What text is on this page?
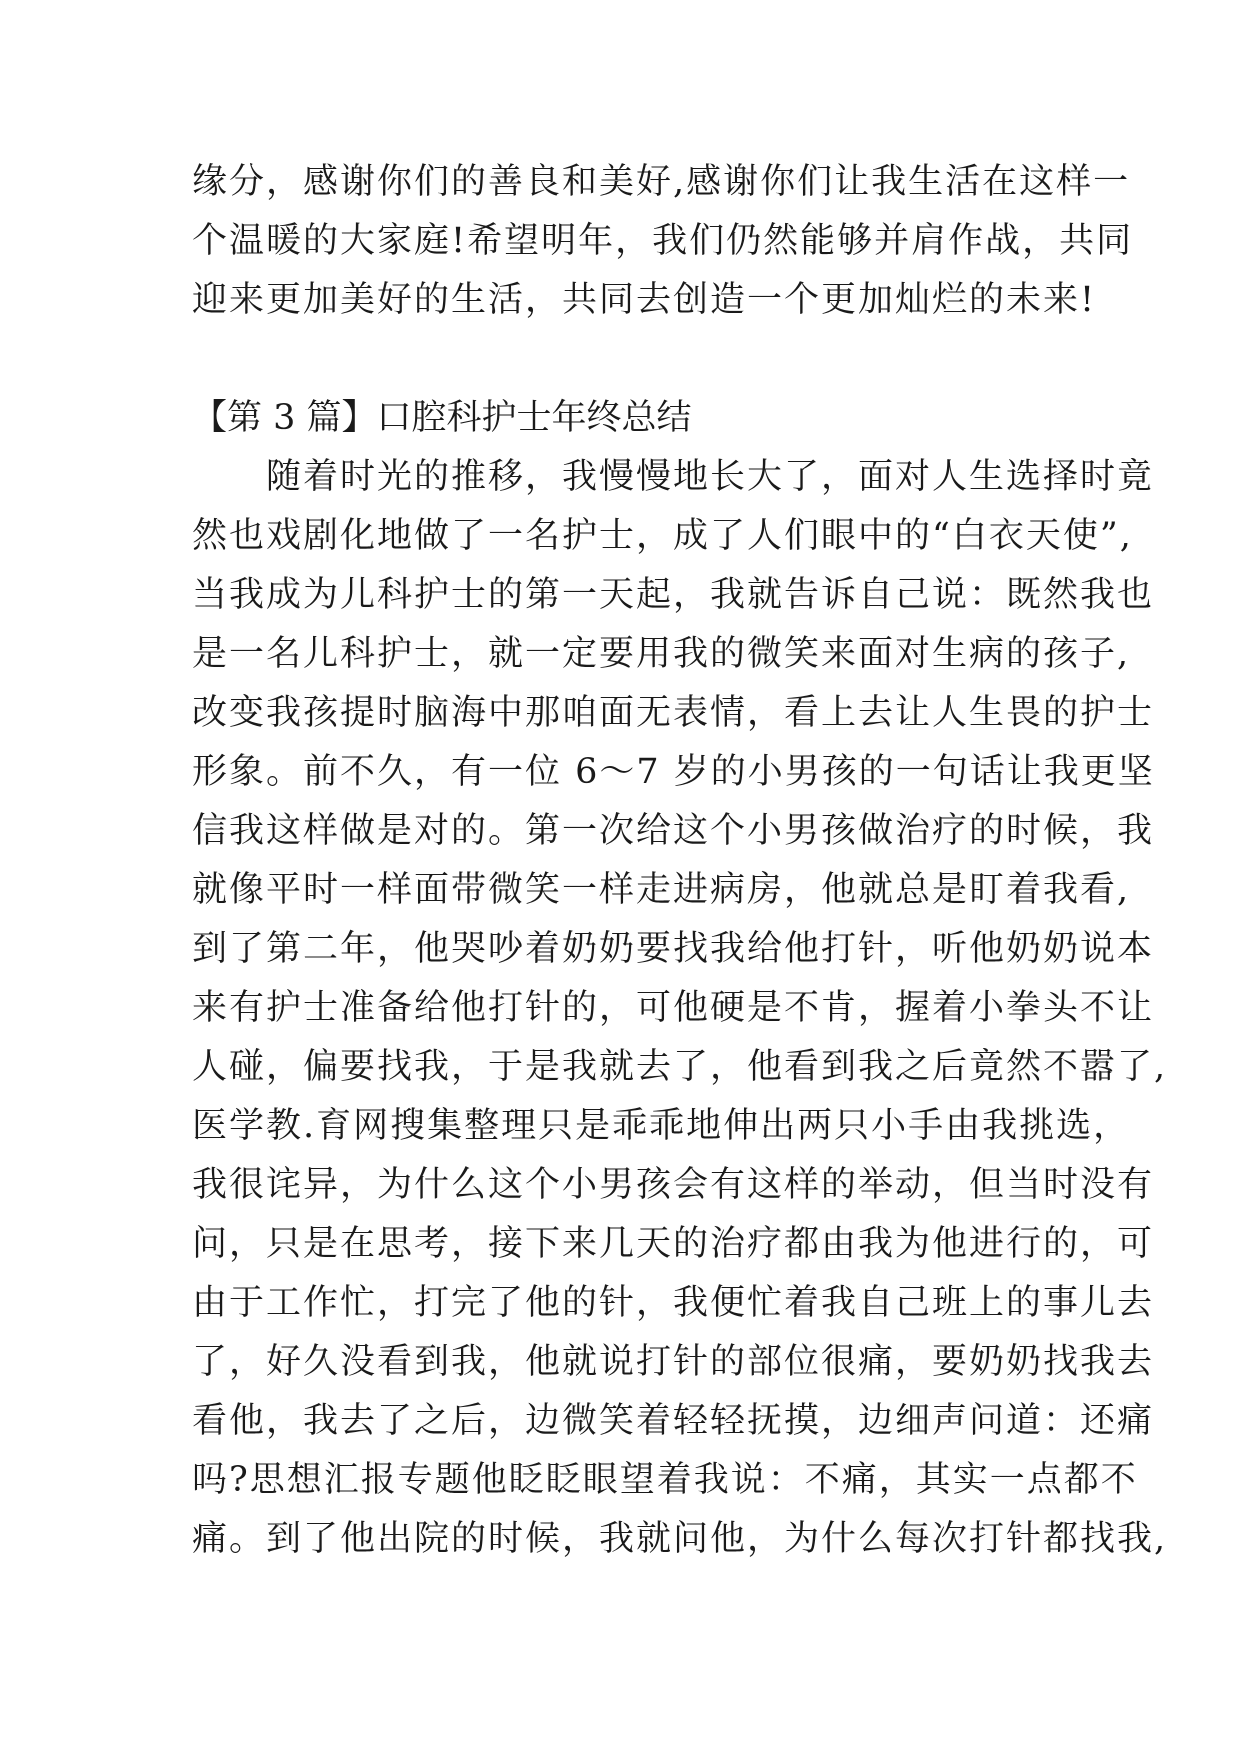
缘分，感谢你们的善良和美好,感谢你们让我生活在这样一
个温暖的大家庭!希望明年，我们仍然能够并肩作战，共同
迎来更加美好的生活，共同去创造一个更加灿烂的未来!
【第 3 篇】口腔科护士年终总结
　　随着时光的推移，我慢慢地长大了，面对人生选择时竟
然也戏剧化地做了一名护士，成了人们眼中的“白衣天使”,
当我成为儿科护士的第一天起，我就告诉自己说：既然我也
是一名儿科护士，就一定要用我的微笑来面对生病的孩子,
改变我孩提时脑海中那咱面无表情，看上去让人生畏的护士
形象。前不久，有一位 6～7 岁的小男孩的一句话让我更坚
信我这样做是对的。第一次给这个小男孩做治疗的时候，我
就像平时一样面带微笑一样走进病房，他就总是盯着我看,
到了第二年，他哭吵着奶奶要找我给他打针，听他奶奶说本
来有护士准备给他打针的，可他硬是不肯，握着小拳头不让
人碰，偏要找我，于是我就去了，他看到我之后竟然不嚣了,
医学教.育网搜集整理只是乖乖地伸出两只小手由我挑选，
我很诧异，为什么这个小男孩会有这样的举动，但当时没有
问，只是在思考，接下来几天的治疗都由我为他进行的，可
由于工作忙，打完了他的针，我便忙着我自己班上的事儿去
了，好久没看到我，他就说打针的部位很痛，要奶奶找我去
看他，我去了之后，边微笑着轻轻抚摸，边细声问道：还痛
吗?思想汇报专题他眨眨眼望着我说：不痛，其实一点都不
痛。到了他出院的时候，我就问他，为什么每次打针都找我,
